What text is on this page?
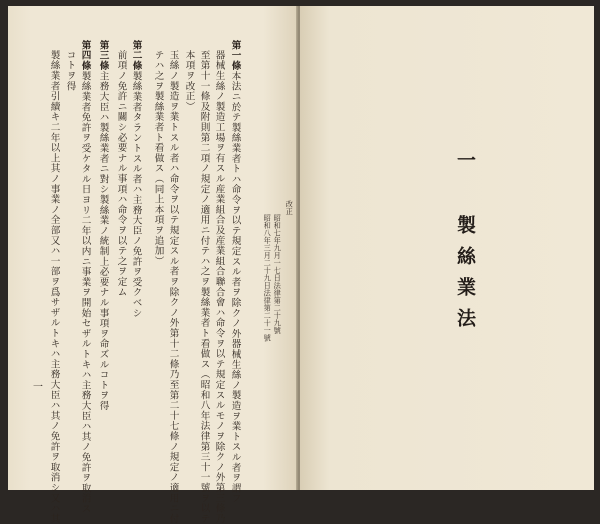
一 製絲業法
改正
昭和七年九月一七日法律第二十九號
昭和八年三月二十九日法律第二十一號
第一條本法ニ於テ製絲業者トハ命令ヲ以テ規定スル者ヲ除クノ外器械生絲ノ製造ヲ業トスル者ヲ謂フ
器械生絲ノ製造工場ヲ有スル産業組合及産業組合聯合會ハ命令ヲ以テ規定スルモノヲ除クノ外第三條乃
至第十一條及附則第二項ノ規定ノ適用ニ付テハ之ヲ製絲業者ト看做ス（昭和八年法律第三十一號ヲ以テ
本項ヲ改正）
玉絲ノ製造ヲ業トスル者ハ命令ヲ以テ規定スル者ヲ除クノ外第十二條乃至第二十七條ノ規定ノ適用ニ付
テハ之ヲ製絲業者ト看做ス（同上本項ヲ追加）
第二條製絲業者タラントスル者ハ主務大臣ノ免許ヲ受クベシ
前項ノ免許ニ關シ必要ナル事項ハ命令ヲ以テ之ヲ定ム
第三條主務大臣ハ製絲業者ニ對シ製絲業ノ統制上必要ナル事項ヲ命ズルコトヲ得
第四條製絲業者免許ヲ受ケタル日ヨリ二年以内ニ事業ヲ開始セザルトキハ主務大臣ハ其ノ免許ヲ取消ス
コトヲ得
製絲業者引續キ二年以上其ノ事業ノ全部又ハ一部ヲ爲サザルトキハ主務大臣ハ其ノ免許ヲ取消シ又ハ其
一
